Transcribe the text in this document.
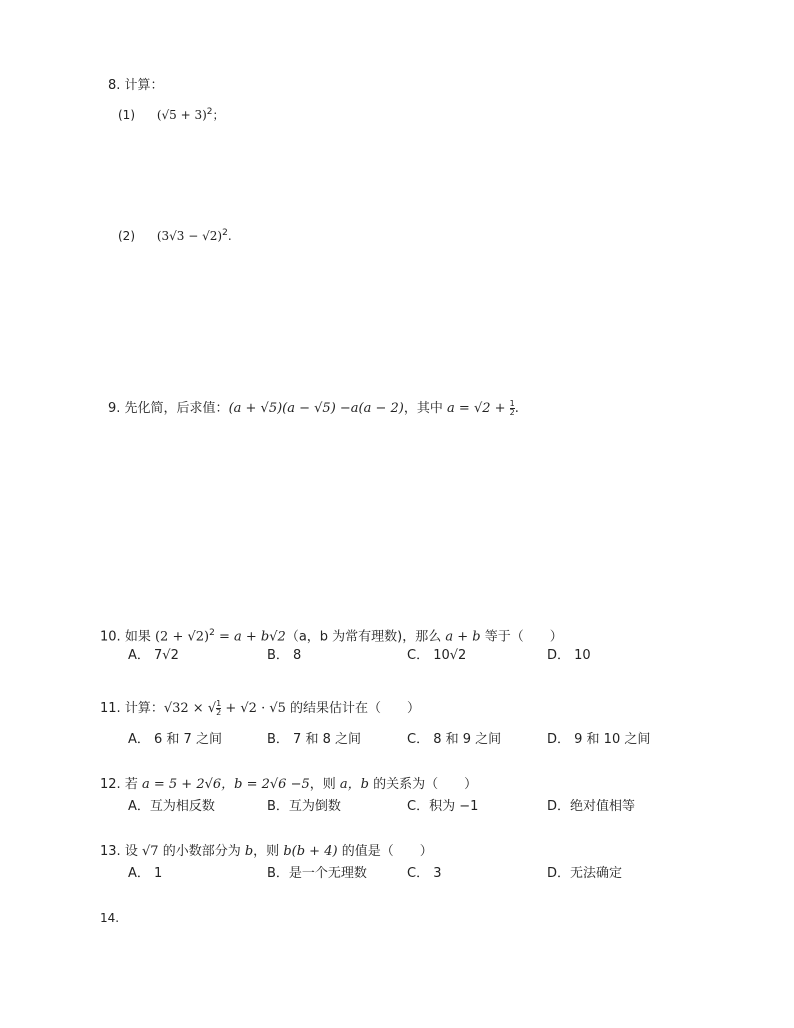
8. 计算：
(1) $(√5 + 3)^2$；
(2) $(3√3 - √2)^2$.
9. 先化简，后求值：(a + √5)(a − √5) −a(a − 2)，其中 $a = √2 + \frac{1}{2}$ .
10. 如果 $(2 + √2)^2 = a + b√2(a$，b 为常有理数)，那么 a + b 等于（　　）
A． 7√2	B． 8	C． 10√2	D． 10
11. 计算：√32 × √ $\frac{1}{2} + √2 \cdot √5$ 的结果估计在（　　）
A． 6 和 7 之间	B． 7 和 8 之间	C． 8 和 9 之间	D． 9 和 10 之间
12. 若 a = 5 + 2√6，b = 2√6 −5，则 a，b 的关系为（　　）
A．互为相反数	B．互为倒数	C．积为 −1	D．绝对值相等
13. 设 √7 的小数部分为 b，则 b(b + 4) 的值是（　　）
A． 1	B．是一个无理数	C． 3	D．无法确定
14.
